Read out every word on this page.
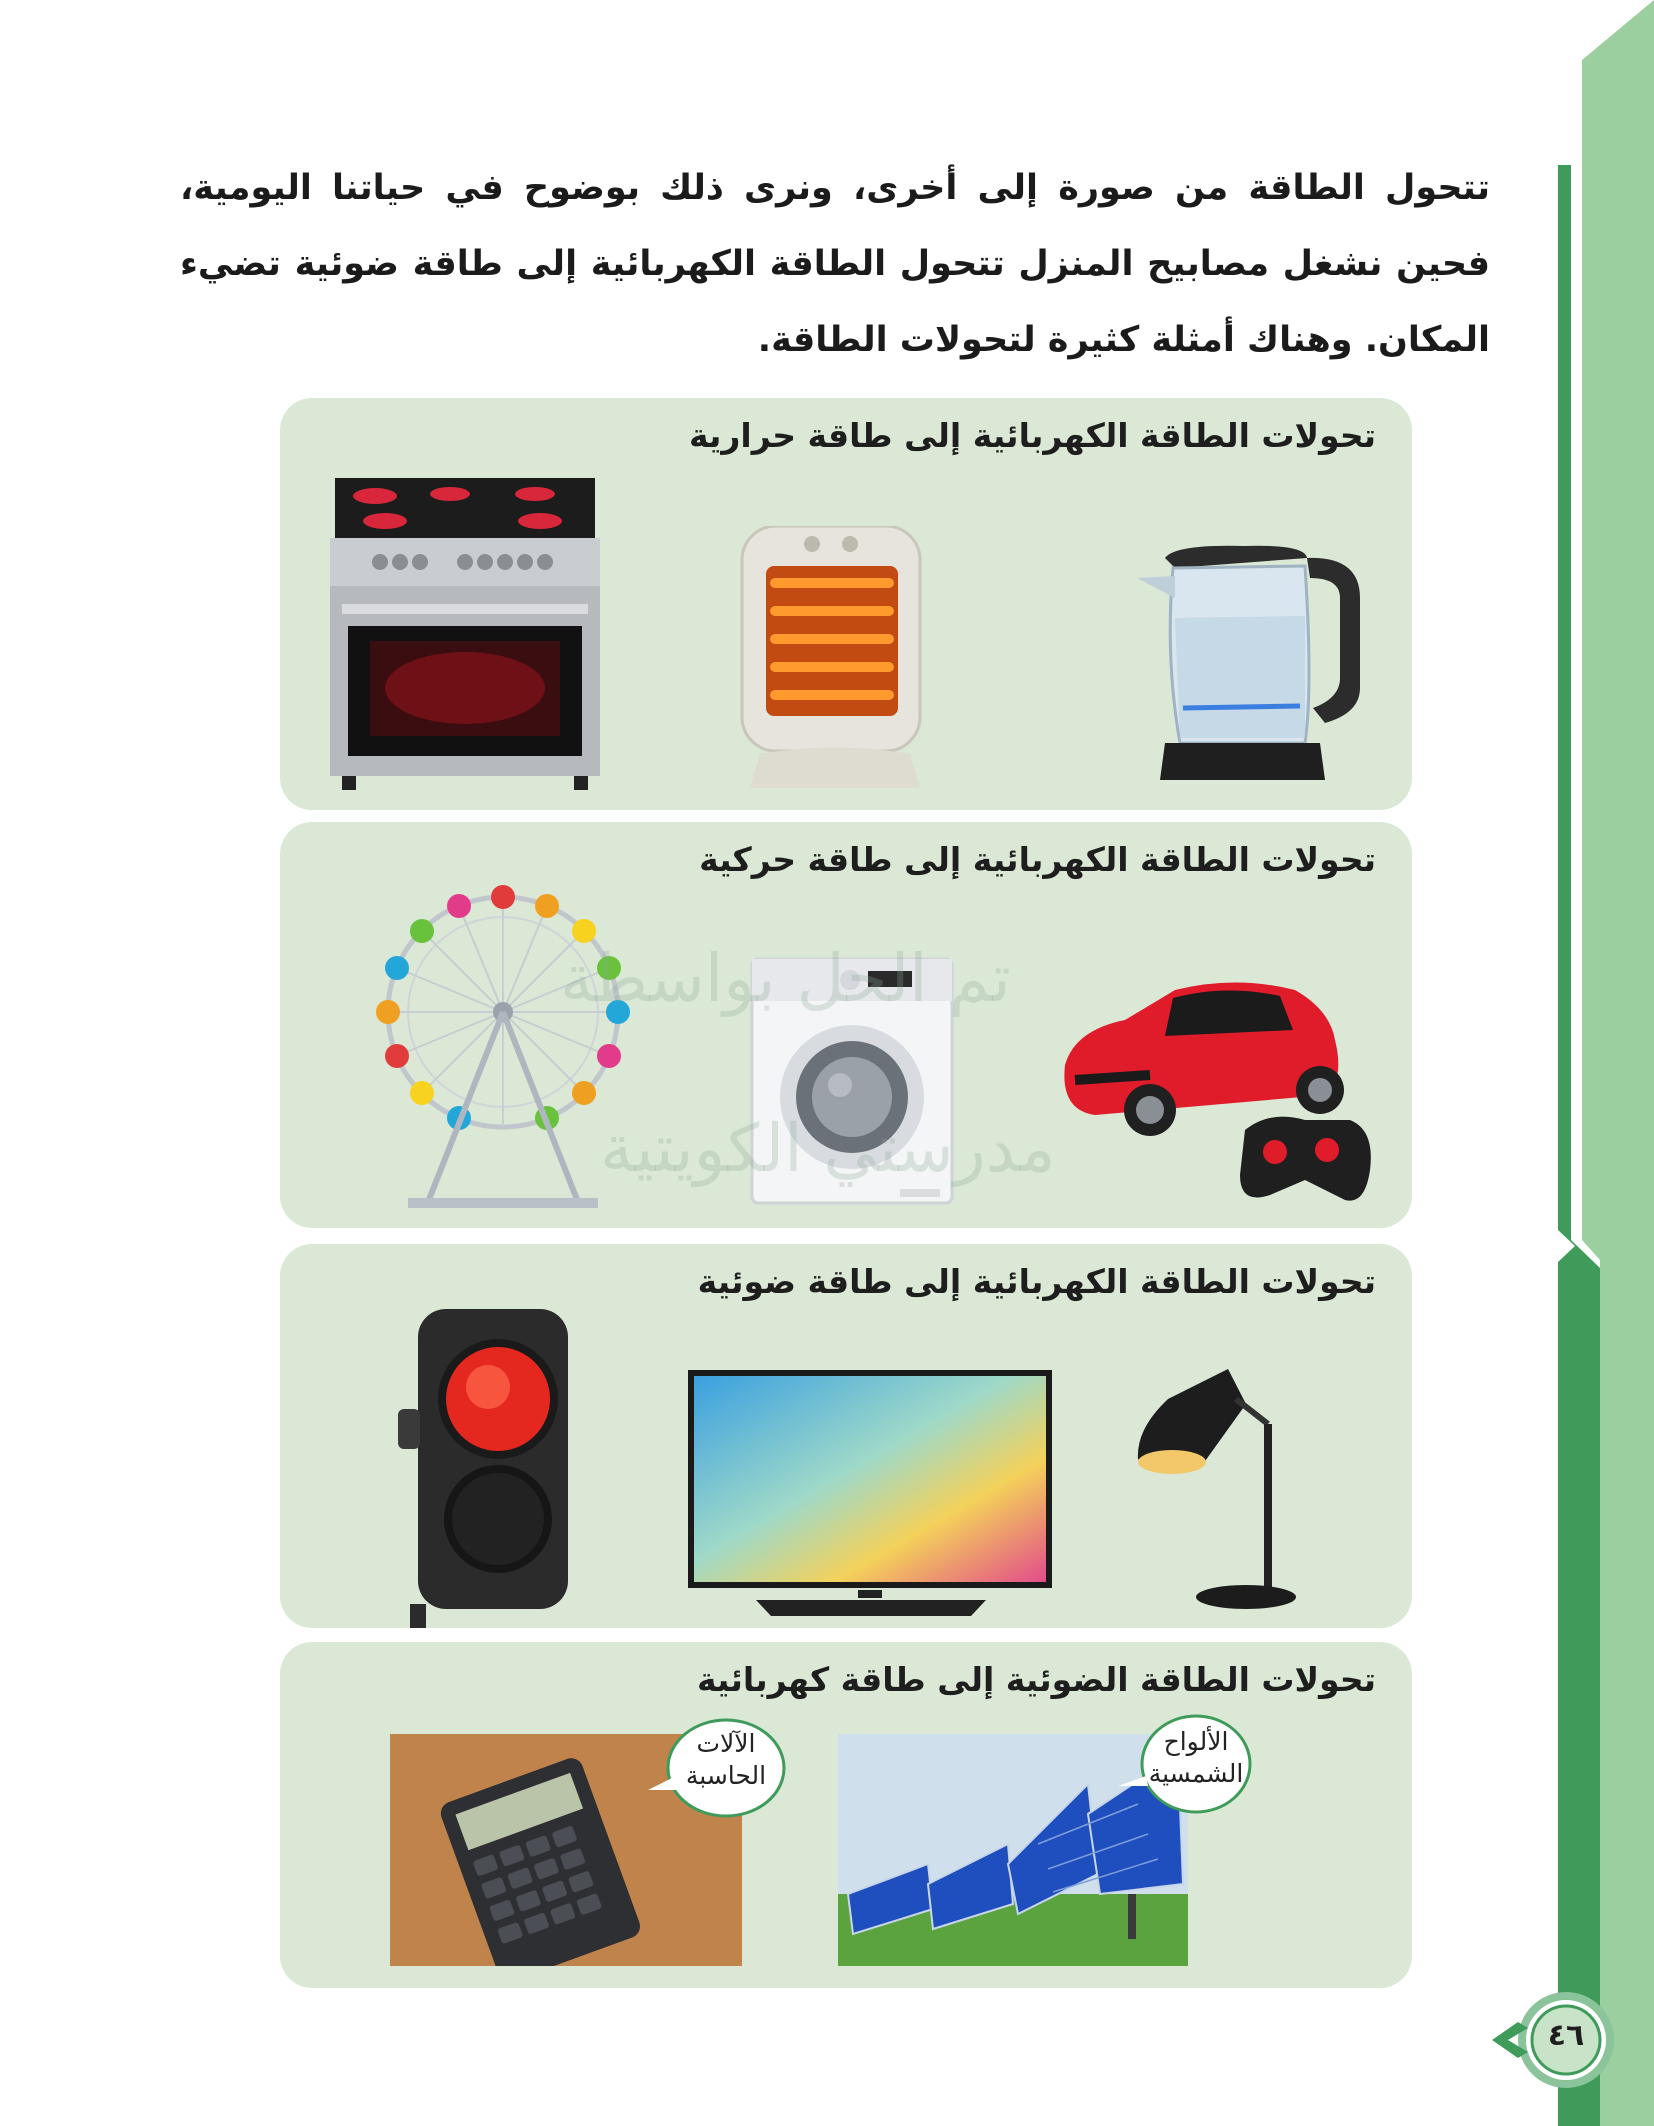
تتحول الطاقة من صورة إلى أخرى، ونرى ذلك بوضوح في حياتنا اليومية، فحين نشغل مصابيح المنزل تتحول الطاقة الكهربائية إلى طاقة ضوئية تضيء المكان. وهناك أمثلة كثيرة لتحولات الطاقة.
تحولات الطاقة الكهربائية إلى طاقة حرارية
تحولات الطاقة الكهربائية إلى طاقة حركية
تحولات الطاقة الكهربائية إلى طاقة ضوئية
تحولات الطاقة الضوئية إلى طاقة كهربائية
الآلات
الحاسبة
الألواح
الشمسية
تم الحل بواسطة
مدرستي الكويتية
٤٦
